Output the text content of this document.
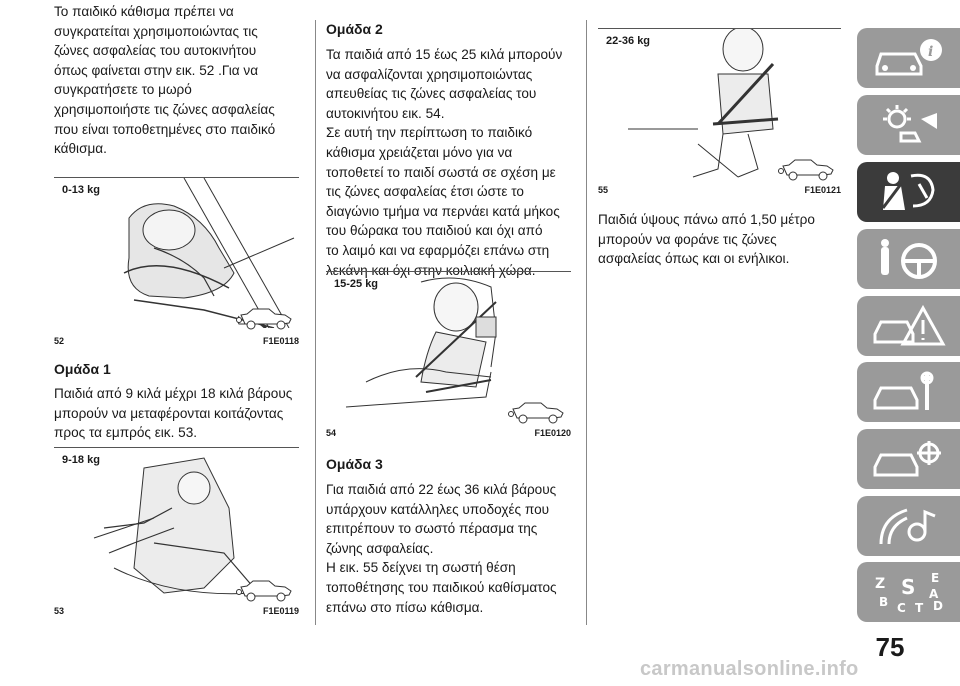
Το παιδικό κάθισμα πρέπει να

συγκρατείται χρησιμοποιώντας τις

ζώνες ασφαλείας του αυτοκινήτου

όπως φαίνεται στην εικ. 52 .Για να

συγκρατήσετε το μωρό

χρησιμοποιήστε τις ζώνες ασφαλείας

που είναι τοποθετημένες στο παιδικό

κάθισμα.

0-13 kg
52	F1E0118

Ομάδα 1

Παιδιά από 9 κιλά μέχρι 18 κιλά βάρους

μπορούν να μεταφέρονται κοιτάζοντας

προς τα εμπρός εικ. 53.

9-18 kg
53	F1E0119

Ομάδα 2

Τα παιδιά από 15 έως 25 κιλά μπορούν

να ασφαλίζονται χρησιμοποιώντας

απευθείας τις ζώνες ασφαλείας του

αυτοκινήτου εικ. 54.

Σε αυτή την περίπτωση το παιδικό

κάθισμα χρειάζεται μόνο για να

τοποθετεί το παιδί σωστά σε σχέση με

τις ζώνες ασφαλείας έτσι ώστε το

διαγώνιο τμήμα να περνάει κατά μήκος

του θώρακα του παιδιού και όχι από

το λαιμό και να εφαρμόζει επάνω στη

λεκάνη και όχι στην κοιλιακή χώρα.

15-25 kg
54	F1E0120

Ομάδα 3

Για παιδιά από 22 έως 36 κιλά βάρους

υπάρχουν κατάλληλες υποδοχές που

επιτρέπουν το σωστό πέρασμα της

ζώνης ασφαλείας.

Η εικ. 55 δείχνει τη σωστή θέση

τοποθέτησης του παιδικού καθίσματος

επάνω στο πίσω κάθισμα.

22-36 kg
55	F1E0121

Παιδιά ύψους πάνω από 1,50 μέτρο

μπορούν να φοράνε τις ζώνες

ασφαλείας όπως και οι ενήλικοι.

i
Z S E
A
B C T D
75
carmanualsonline.info
